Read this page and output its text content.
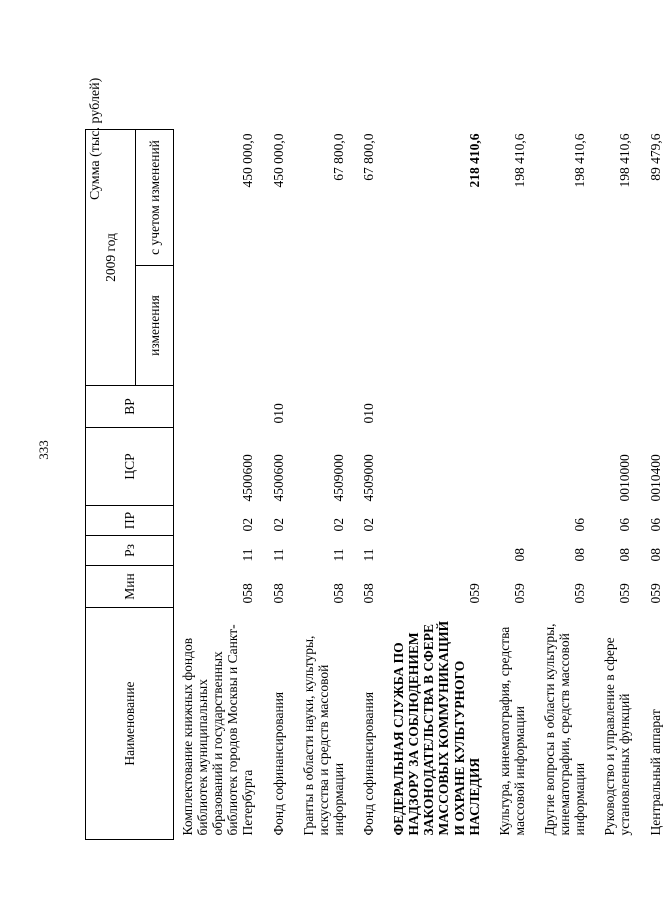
333
Сумма (тыс. рублей)
Наименование	Мин	Рз	ПР	ЦСР	ВР	2009 год	
						изменения	с учетом изменений
Комплектование книжных фондов библиотек муниципальных образований и государственных библиотек городов Москвы и Санкт-Петербурга	058	11	02	4500600			450 000,0
Фонд софинансирования	058	11	02	4500600	010		450 000,0
Гранты в области науки, культуры, искусства и средств массовой информации	058	11	02	4509000			67 800,0
Фонд софинансирования	058	11	02	4509000	010		67 800,0
ФЕДЕРАЛЬНАЯ СЛУЖБА ПО НАДЗОРУ ЗА СОБЛЮДЕНИЕМ ЗАКОНОДАТЕЛЬСТВА В СФЕРЕ МАССОВЫХ КОММУНИКАЦИЙ И ОХРАНЕ КУЛЬТУРНОГО НАСЛЕДИЯ	059						218 410,6
Культура, кинематография, средства массовой информации	059	08					198 410,6
Другие вопросы в области культуры, кинематографии, средств массовой информации	059	08	06				198 410,6
Руководство и управление в сфере установленных функций	059	08	06	0010000			198 410,6
Центральный аппарат	059	08	06	0010400			89 479,6
